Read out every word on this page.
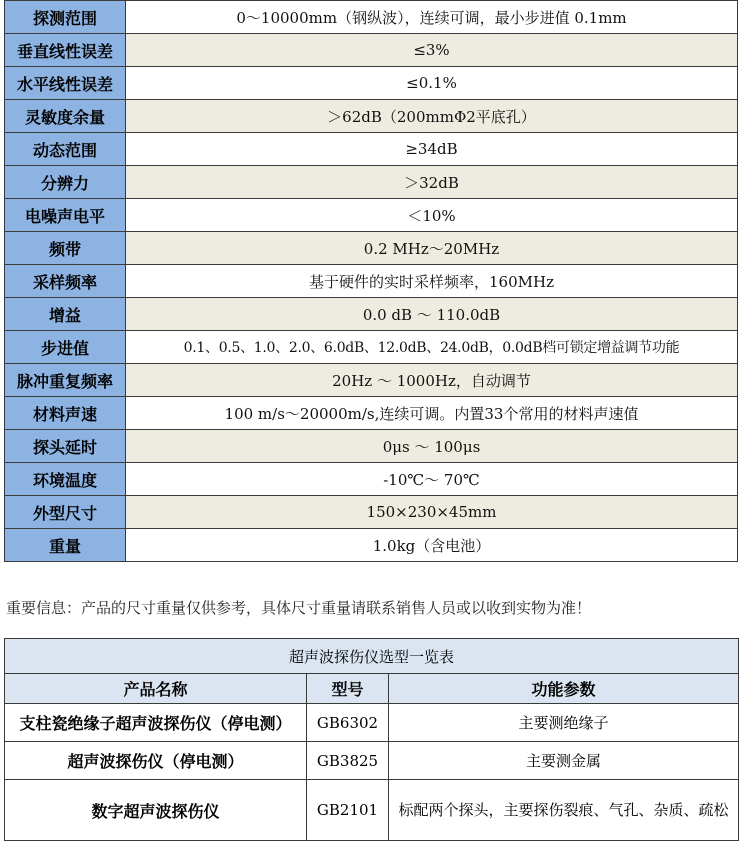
探测范围	0～10000mm（钢纵波），连续可调，最小步进值 0.1mm
垂直线性误差	≤3%
水平线性误差	≤0.1%
灵敏度余量	＞62dB（200mmΦ2平底孔）
动态范围	≥34dB
分辨力	＞32dB
电噪声电平	＜10%
频带	0.2 MHz～20MHz
采样频率	基于硬件的实时采样频率，160MHz
增益	0.0 dB ～ 110.0dB
步进值	0.1、0.5、1.0、2.0、6.0dB、12.0dB、24.0dB，0.0dB档可锁定增益调节功能
脉冲重复频率	20Hz ～ 1000Hz，自动调节
材料声速	100 m/s～20000m/s,连续可调。内置33个常用的材料声速值
探头延时	0μs ～ 100μs
环境温度	-10℃～ 70℃
外型尺寸	150×230×45mm
重量	1.0kg（含电池）
重要信息：产品的尺寸重量仅供参考，具体尺寸重量请联系销售人员或以收到实物为准！
超声波探伤仪选型一览表		
产品名称	型号	功能参数
支柱瓷绝缘子超声波探伤仪（停电测）	GB6302	主要测绝缘子
超声波探伤仪（停电测）	GB3825	主要测金属
数字超声波探伤仪	GB2101	标配两个探头，主要探伤裂痕、气孔、杂质、疏松
